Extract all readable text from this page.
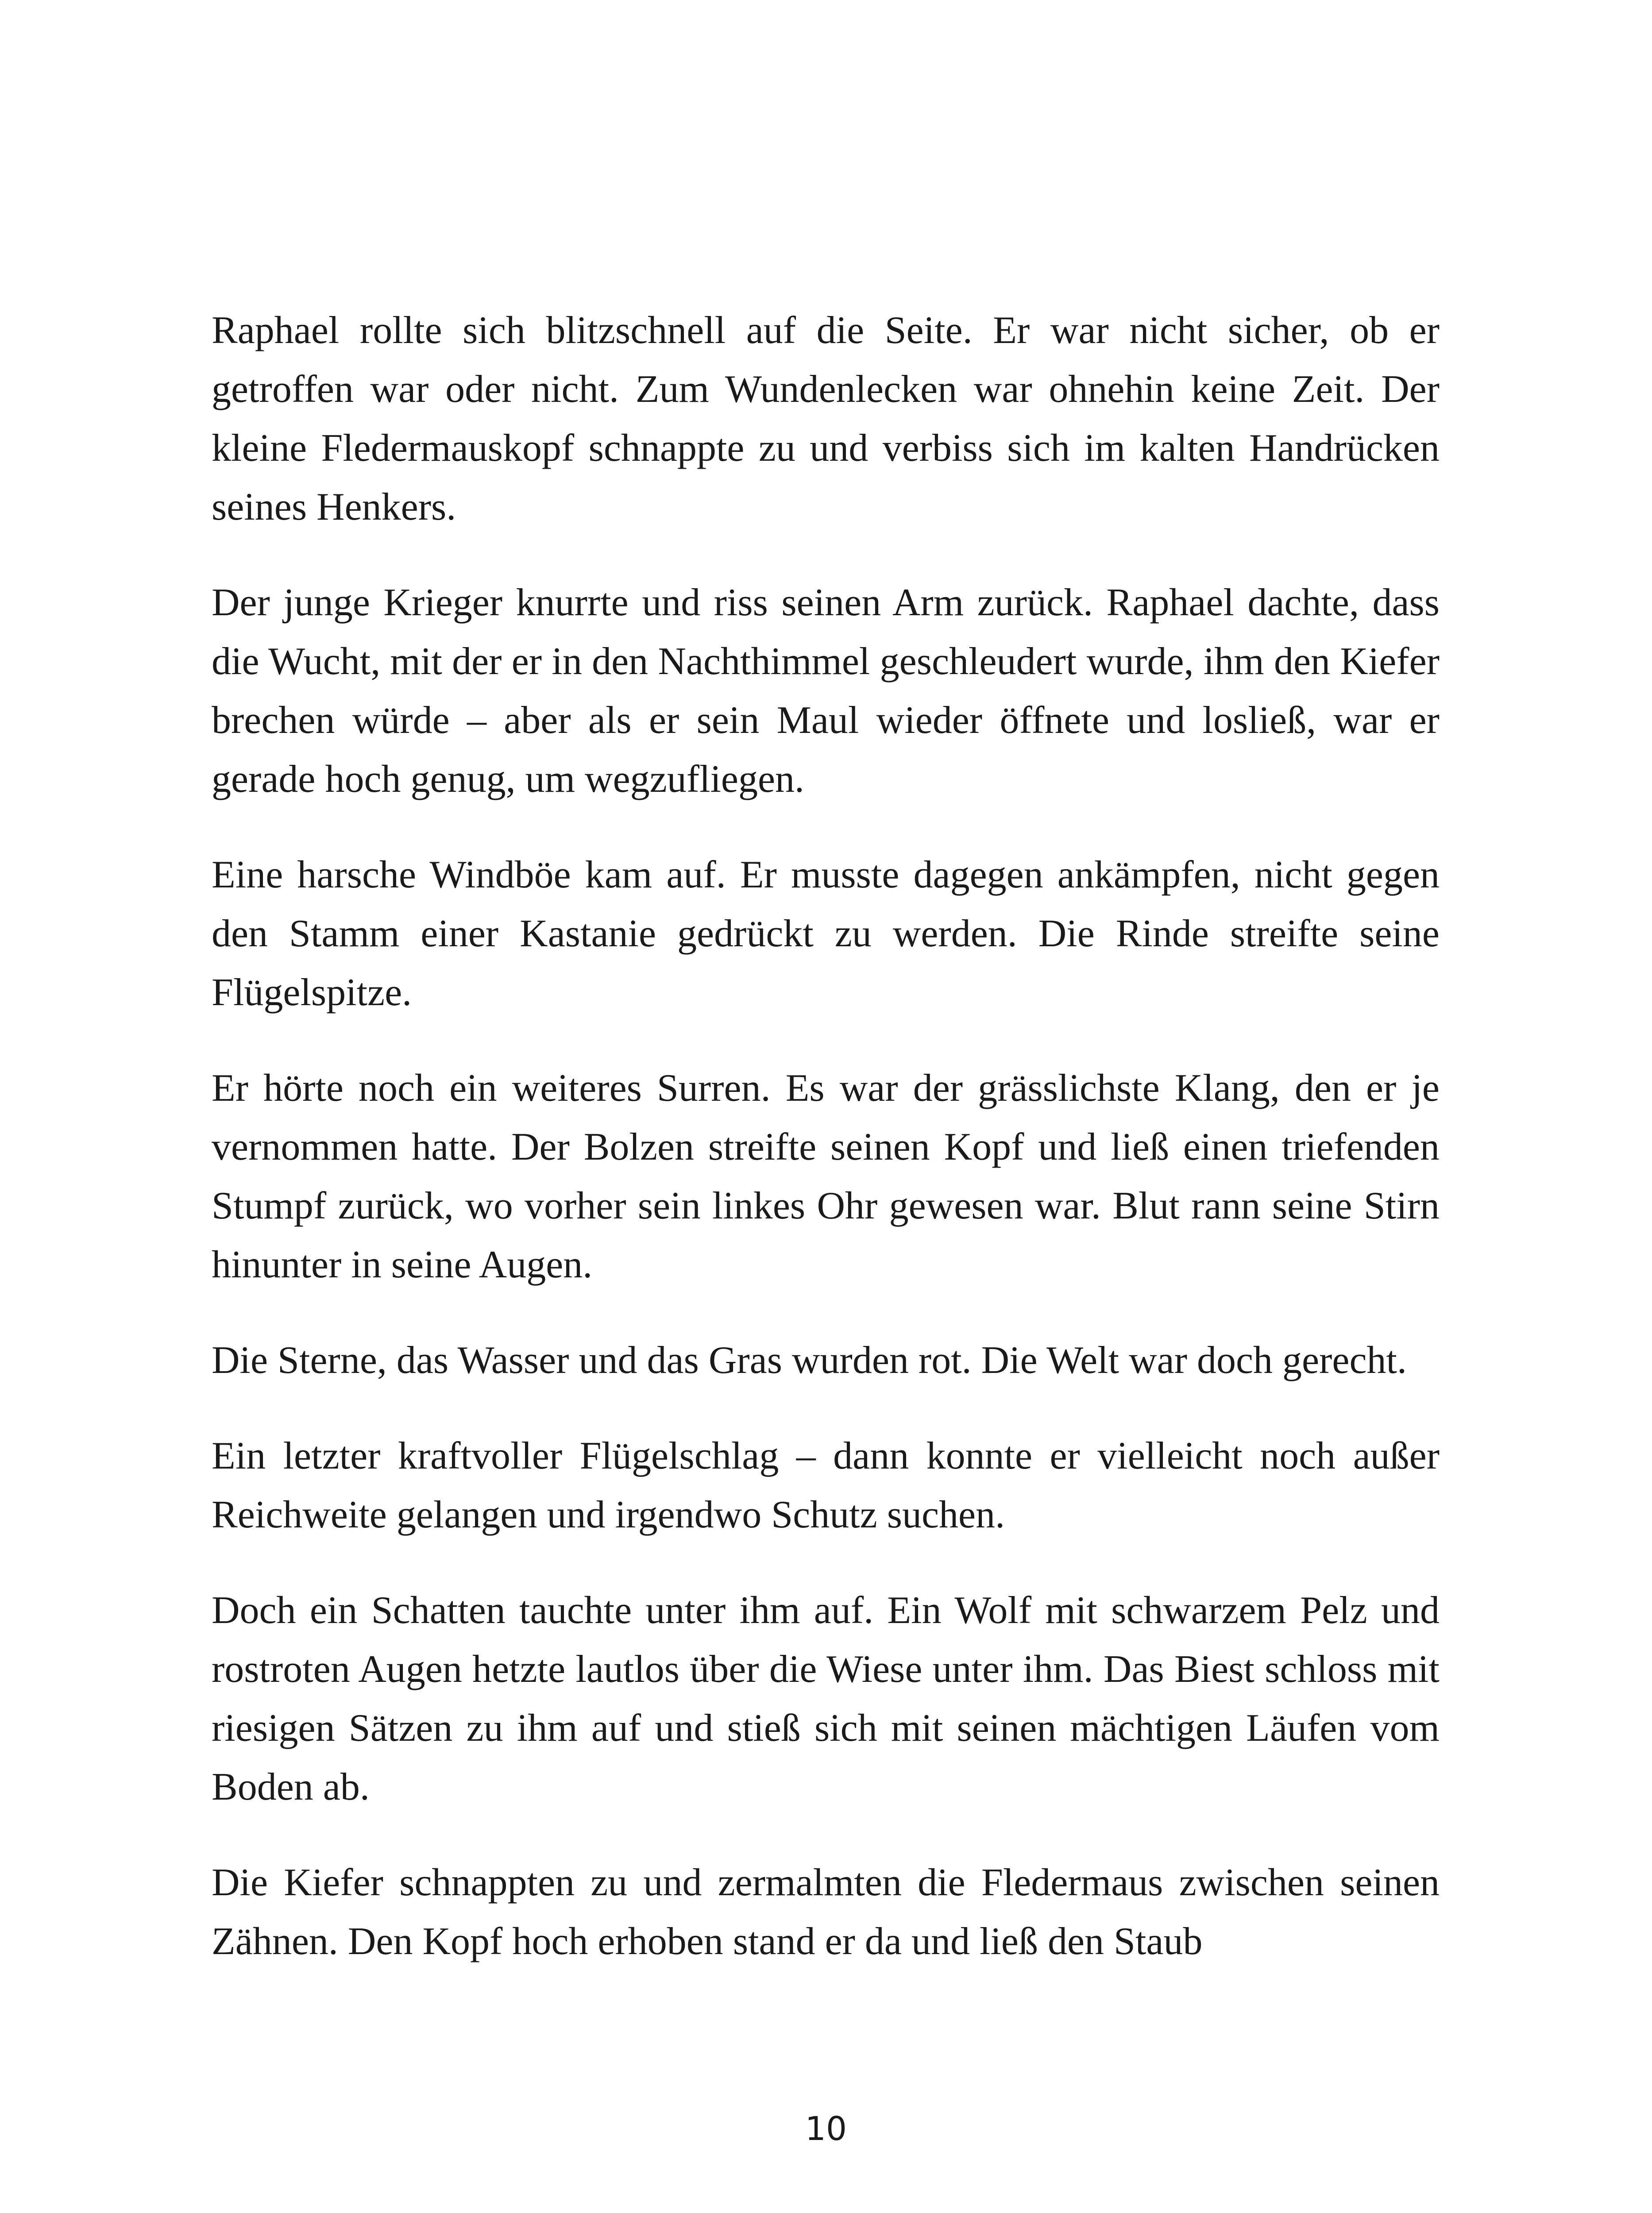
Raphael rollte sich blitzschnell auf die Seite. Er war nicht sicher, ob er getroffen war oder nicht. Zum Wundenlecken war ohnehin keine Zeit. Der kleine Fledermauskopf schnappte zu und verbiss sich im kalten Handrücken seines Henkers.

Der junge Krieger knurrte und riss seinen Arm zurück. Raphael dachte, dass die Wucht, mit der er in den Nachthimmel geschleudert wurde, ihm den Kiefer brechen würde – aber als er sein Maul wieder öffnete und losließ, war er gerade hoch genug, um wegzufliegen.

Eine harsche Windböe kam auf. Er musste dagegen ankämpfen, nicht gegen den Stamm einer Kastanie gedrückt zu werden. Die Rinde streifte seine Flügelspitze.

Er hörte noch ein weiteres Surren. Es war der grässlichste Klang, den er je vernommen hatte. Der Bolzen streifte seinen Kopf und ließ einen triefenden Stumpf zurück, wo vorher sein linkes Ohr gewesen war. Blut rann seine Stirn hinunter in seine Augen.

Die Sterne, das Wasser und das Gras wurden rot. Die Welt war doch gerecht.

Ein letzter kraftvoller Flügelschlag – dann konnte er vielleicht noch außer Reichweite gelangen und irgendwo Schutz suchen.

Doch ein Schatten tauchte unter ihm auf. Ein Wolf mit schwarzem Pelz und rostroten Augen hetzte lautlos über die Wiese unter ihm. Das Biest schloss mit riesigen Sätzen zu ihm auf und stieß sich mit seinen mächtigen Läufen vom Boden ab.

Die Kiefer schnappten zu und zermalmten die Fledermaus zwischen seinen Zähnen. Den Kopf hoch erhoben stand er da und ließ den Staub

10
